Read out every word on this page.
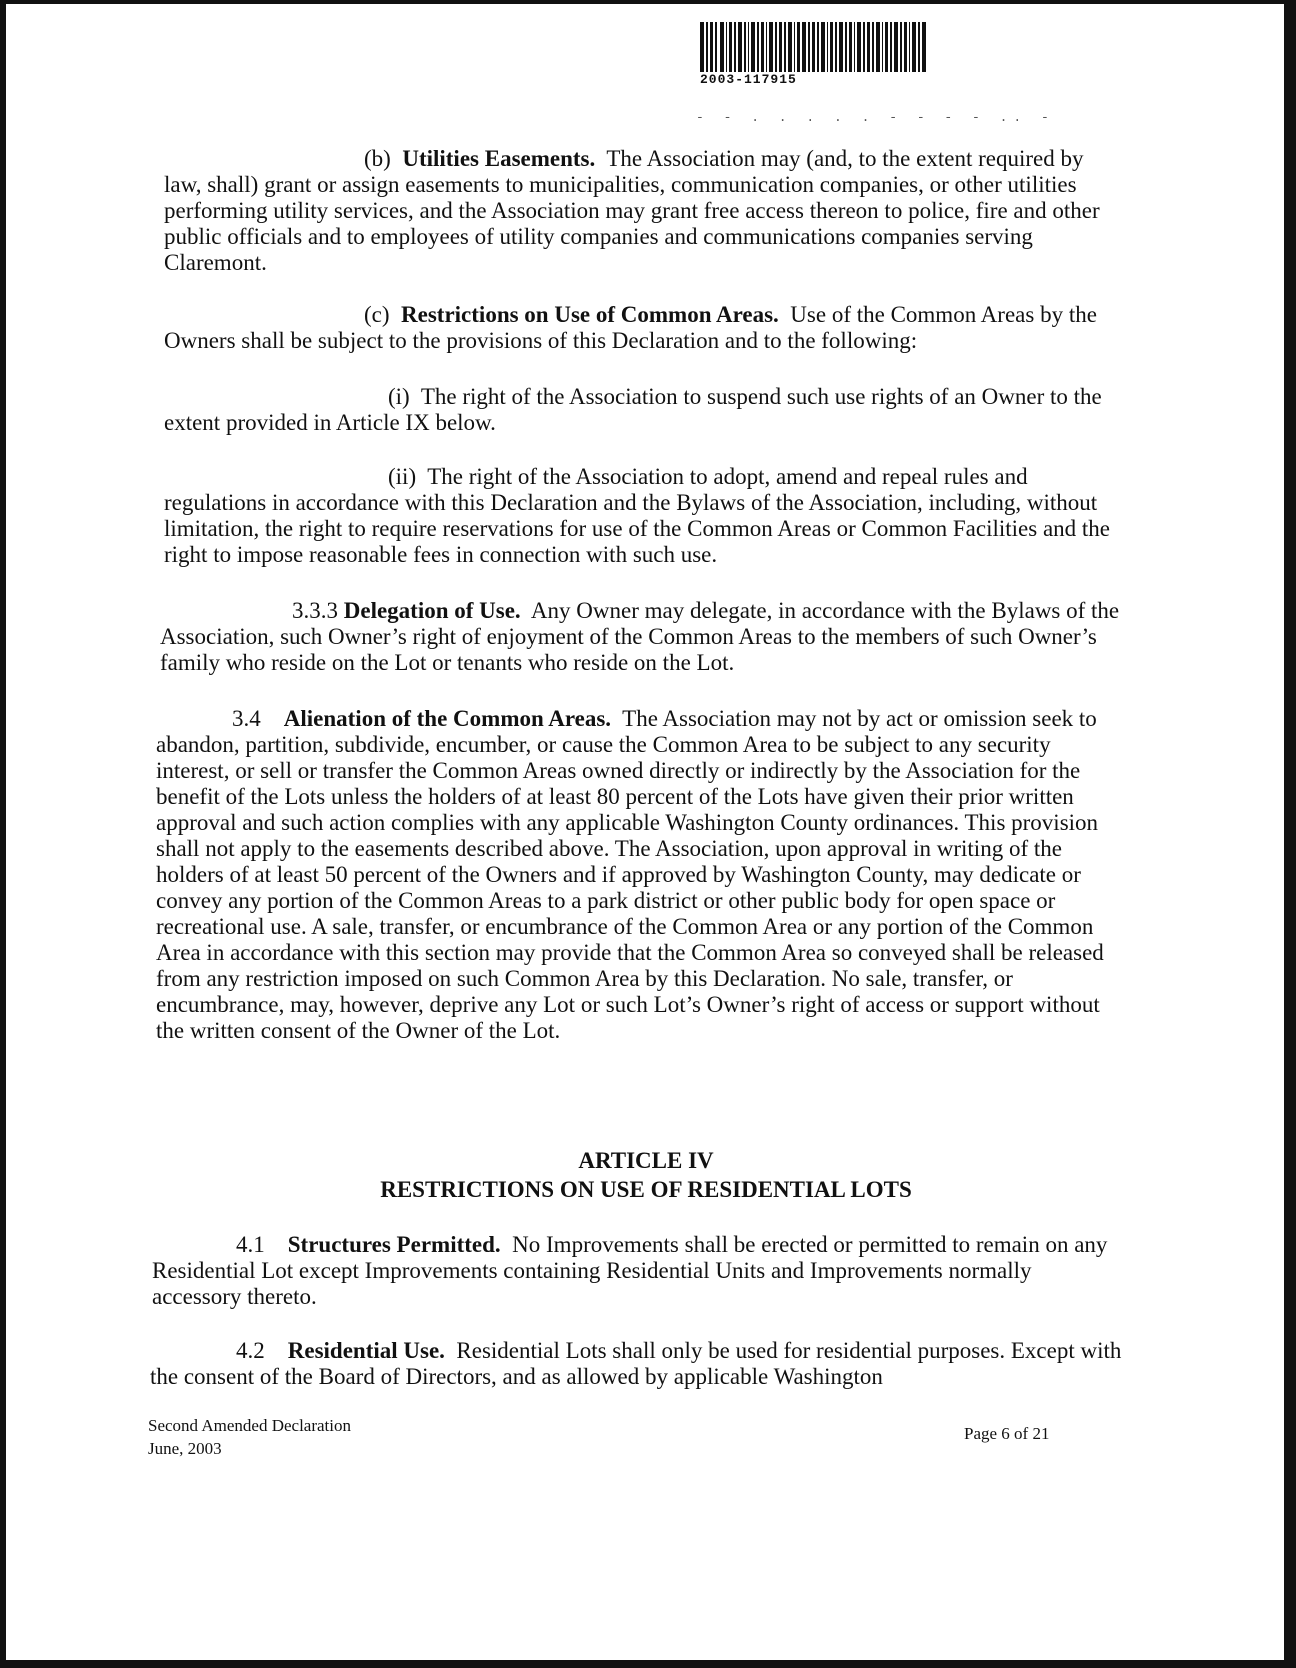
2003-117915
- - . . . . . - - - - .. -

(b) Utilities Easements. The Association may (and, to the extent required by law, shall) grant or assign easements to municipalities, communication companies, or other utilities performing utility services, and the Association may grant free access thereon to police, fire and other public officials and to employees of utility companies and communications companies serving Claremont.

(c) Restrictions on Use of Common Areas. Use of the Common Areas by the Owners shall be subject to the provisions of this Declaration and to the following:

(i) The right of the Association to suspend such use rights of an Owner to the extent provided in Article IX below.

(ii) The right of the Association to adopt, amend and repeal rules and regulations in accordance with this Declaration and the Bylaws of the Association, including, without limitation, the right to require reservations for use of the Common Areas or Common Facilities and the right to impose reasonable fees in connection with such use.

3.3.3 Delegation of Use. Any Owner may delegate, in accordance with the Bylaws of the Association, such Owner’s right of enjoyment of the Common Areas to the members of such Owner’s family who reside on the Lot or tenants who reside on the Lot.

3.4 Alienation of the Common Areas. The Association may not by act or omission seek to abandon, partition, subdivide, encumber, or cause the Common Area to be subject to any security interest, or sell or transfer the Common Areas owned directly or indirectly by the Association for the benefit of the Lots unless the holders of at least 80 percent of the Lots have given their prior written approval and such action complies with any applicable Washington County ordinances. This provision shall not apply to the easements described above. The Association, upon approval in writing of the holders of at least 50 percent of the Owners and if approved by Washington County, may dedicate or convey any portion of the Common Areas to a park district or other public body for open space or recreational use. A sale, transfer, or encumbrance of the Common Area or any portion of the Common Area in accordance with this section may provide that the Common Area so conveyed shall be released from any restriction imposed on such Common Area by this Declaration. No sale, transfer, or encumbrance, may, however, deprive any Lot or such Lot’s Owner’s right of access or support without the written consent of the Owner of the Lot.

ARTICLE IV
RESTRICTIONS ON USE OF RESIDENTIAL LOTS

4.1 Structures Permitted. No Improvements shall be erected or permitted to remain on any Residential Lot except Improvements containing Residential Units and Improvements normally accessory thereto.

4.2 Residential Use. Residential Lots shall only be used for residential purposes. Except with the consent of the Board of Directors, and as allowed by applicable Washington

Second Amended Declaration
June, 2003
Page 6 of 21
